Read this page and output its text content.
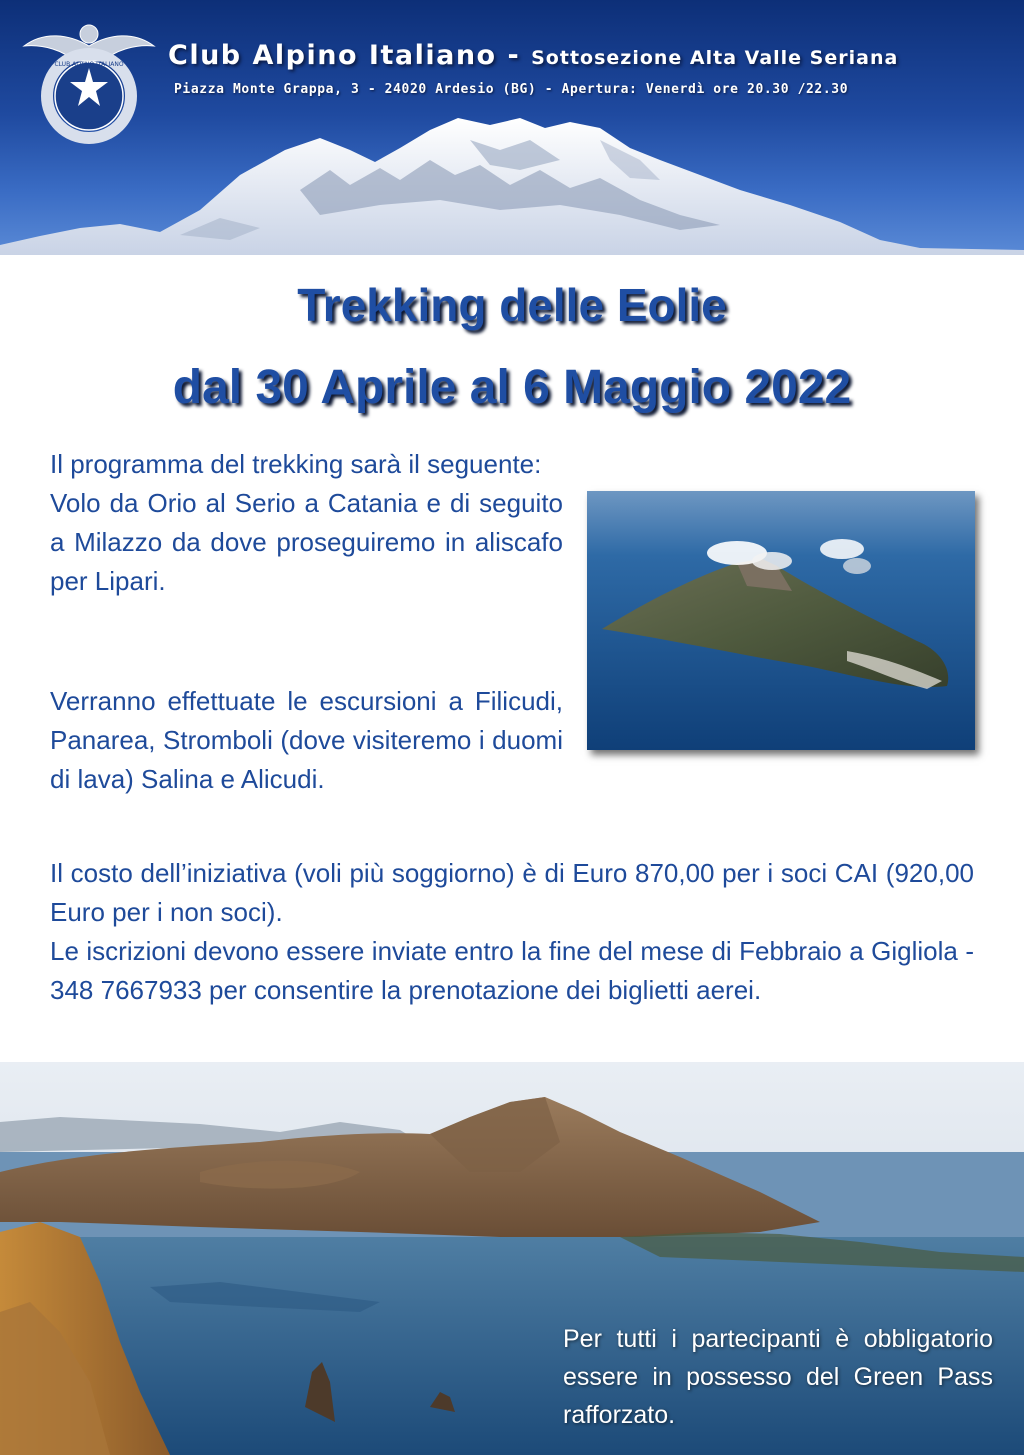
CLUB ALPINO ITALIANO Club Alpino Italiano - Sottosezione Alta Valle Seriana

Piazza Monte Grappa, 3 - 24020 Ardesio (BG) - Apertura: Venerdì ore 20.30 /22.30

Trekking delle Eolie
dal 30 Aprile al 6 Maggio 2022

Il programma del trekking sarà il seguente:
Volo da Orio al Serio a Catania e di seguito a Milazzo da dove proseguiremo in aliscafo per Lipari.

Verranno effettuate le escursioni a Filicudi, Panarea, Stromboli (dove visiteremo i duomi di lava) Salina e Alicudi.

Il costo dell’iniziativa (voli più soggiorno) è di Euro 870,00 per i soci CAI (920,00 Euro per i non soci).
Le iscrizioni devono essere inviate entro la fine del mese di Febbraio a Gigliola - 348 7667933 per consentire la prenotazione dei biglietti aerei.

Per tutti i partecipanti è obbligatorio essere in possesso del Green Pass rafforzato.
